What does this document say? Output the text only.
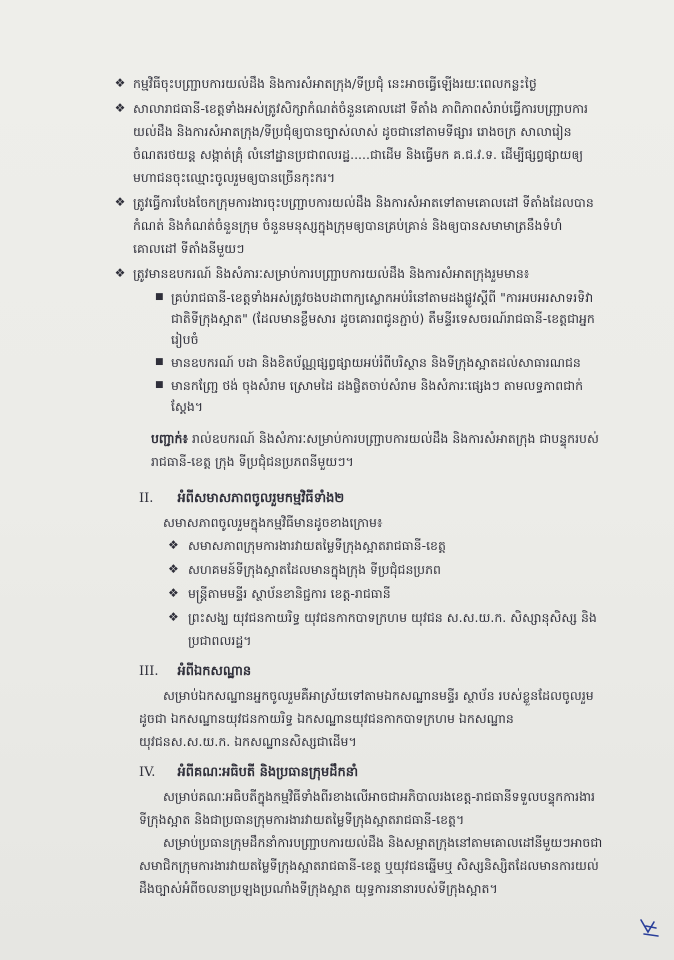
❖ កម្មវិធីចុះបញ្ជ្រាបការយល់ដឹង និងការសំអាតក្រុង/ទីប្រជុំ នេះអាចធ្វើឡើងរយៈពេលកន្លះថ្ងៃ
❖ សាលារាជធានី-ខេត្តទាំងអស់ត្រូវសិក្សាកំណត់ចំនួនគោលដៅ ទីតាំង ភាពិភាពសំរាប់ធ្វើការបញ្ជ្រាបការយល់ដឹង និងការសំអាតក្រុង/ទីប្រជុំឲ្យបានច្បាស់លាស់ ដូចជានៅតាមទីផ្សារ រោងចក្រ សាលារៀន ចំណតរថយន្ត សង្កាត់គ្រុំ លំនៅដ្ឋានប្រជាពលរដ្ឋ.....ជាដើម និងធ្វើមក គ.ជ.វ.ទ. ដើម្បីផ្សព្វផ្សាយឲ្យមហាជនចុះឈ្មោះចូលរួមឲ្យបានច្រើនកុះករ។
❖ ត្រូវធ្វើការបែងចែកក្រុមការងារចុះបញ្ជ្រាបការយល់ដឹង និងការសំអាតទៅតាមគោលដៅ ទីតាំងដែលបានកំណត់ និងកំណត់ចំនួនក្រុម ចំនួនមនុស្សក្នុងក្រុមឲ្យបានគ្រប់គ្រាន់ និងឲ្យបានសមាមាត្រនឹងទំហំគោលដៅ ទីតាំងនីមួយៗ
❖ ត្រូវមានឧបករណ៍ និងសំភារៈសម្រាប់ការបញ្ជ្រាបការយល់ដឹង និងការសំអាតក្រុងរួមមាន៖
■ គ្រប់រាជធានី-ខេត្តទាំងអស់ត្រូវចងបដាពាក្យស្លោកអប់រំនៅតាមដងផ្លូវស្តីពី "ការអបអរសាទរទិវាជាតិទីក្រុងស្អាត" (ដែលមានខ្លឹមសារ ដូចគោរពជូនភ្ជាប់) តឹមន្ទីរទេសចរណ៍រាជធានី-ខេត្តជាអ្នករៀបចំ
■ មានឧបករណ៍ បដា និងខិតប័ណ្ណផ្សព្វផ្សាយអប់រំពីបរិស្ថាន និងទីក្រុងស្អាតដល់សាធារណជន
■ មានកញ្ជ្រែ ថង់ ចុងសំរាម ស្រោមដៃ ដងផ្លិតចាប់សំរាម និងសំភារៈផ្សេងៗ តាមលទ្ធភាពជាក់ស្តែង។
បញ្ជាក់៖ រាល់ឧបករណ៍ និងសំភារៈសម្រាប់ការបញ្ជ្រាបការយល់ដឹង និងការសំអាតក្រុង ជាបន្ទុករបស់រាជធានី-ខេត្ត ក្រុង ទីប្រជុំជនប្រភពនីមួយៗ។
II. អំពីសមាសភាពចូលរួមកម្មវិធីទាំង២
សមាសភាពចូលរួមក្នុងកម្មវិធីមានដូចខាងក្រោម៖
❖ សមាសភាពក្រុមការងារវាយតម្លៃទីក្រុងស្អាតរាជធានី-ខេត្ត
❖ សហគមន៍ទីក្រុងស្អាតដែលមានក្នុងក្រុង ទីប្រជុំជនប្រភព
❖ មន្ត្រីតាមមន្ទីរ ស្ថាប័នខានិជ្ជការ ខេត្ត-រាជធានី
❖ ព្រះសង្ឃ យុវជនកាយរិទ្ធ យុវជនកាកបាទក្រហម យុវជន ស.ស.យ.ក. សិស្សានុសិស្ស និងប្រជាពលរដ្ឋ។
III. អំពីឯកសណ្ឋាន
សម្រាប់ឯកសណ្ឋានអ្នកចូលរួមគឺអាស្រ័យទៅតាមឯកសណ្ឋានមន្ទីរ ស្ថាប័ន របស់ខ្លួនដែលចូលរួម ដូចជា ឯកសណ្ឋានយុវជនកាយរិទ្ធ ឯកសណ្ឋានយុវជនកាកបាទក្រហម ឯកសណ្ឋានយុវជនស.ស.យ.ក. ឯកសណ្ឋានសិស្សជាដើម។
IV. អំពីគណៈអធិបតី និងប្រធានក្រុមដឹកនាំ
សម្រាប់គណៈអធិបតីក្នុងកម្មវិធីទាំងពីរខាងលើអាចជាអភិបាលរងខេត្ត-រាជធានីទទួលបន្ទុកការងារទីក្រុងស្អាត និងជាប្រធានក្រុមការងារវាយតម្លៃទីក្រុងស្អាតរាជធានី-ខេត្ត។
សម្រាប់ប្រធានក្រុមដឹកនាំការបញ្ជ្រាបការយល់ដឹង និងសម្អាតក្រុងនៅតាមគោលដៅនីមួយៗអាចជាសមាជិកក្រុមការងារវាយតម្លៃទីក្រុងស្អាតរាជធានី-ខេត្ត ឬយុវជនឆ្នើមឬ សិស្សនិស្សិតដែលមានការយល់ដឹងច្បាស់អំពីចលនាប្រឡងប្រណាំងទីក្រុងស្អាត យុទ្ធការនានារបស់ទីក្រុងស្អាត។
